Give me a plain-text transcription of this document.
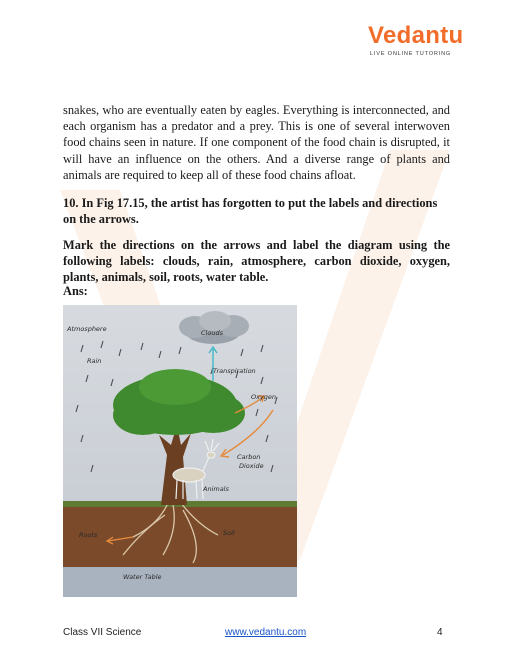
Vedantu
LIVE ONLINE TUTORING

snakes, who are eventually eaten by eagles. Everything is interconnected, and each organism has a predator and a prey. This is one of several interwoven food chains seen in nature. If one component of the food chain is disrupted, it will have an influence on the others. And a diverse range of plants and animals are required to keep all of these food chains afloat.

10. In Fig 17.15, the artist has forgotten to put the labels and directions on the arrows.

Mark the directions on the arrows and label the diagram using the following labels: clouds, rain, atmosphere, carbon dioxide, oxygen, plants, animals, soil, roots, water table.

Ans:

Atmosphere	Clouds
Rain
Transpiration
Oxygen
Carbon
Dioxide
Animals
Roots	Soil
Water Table
Class VII Science	www.vedantu.com	4
